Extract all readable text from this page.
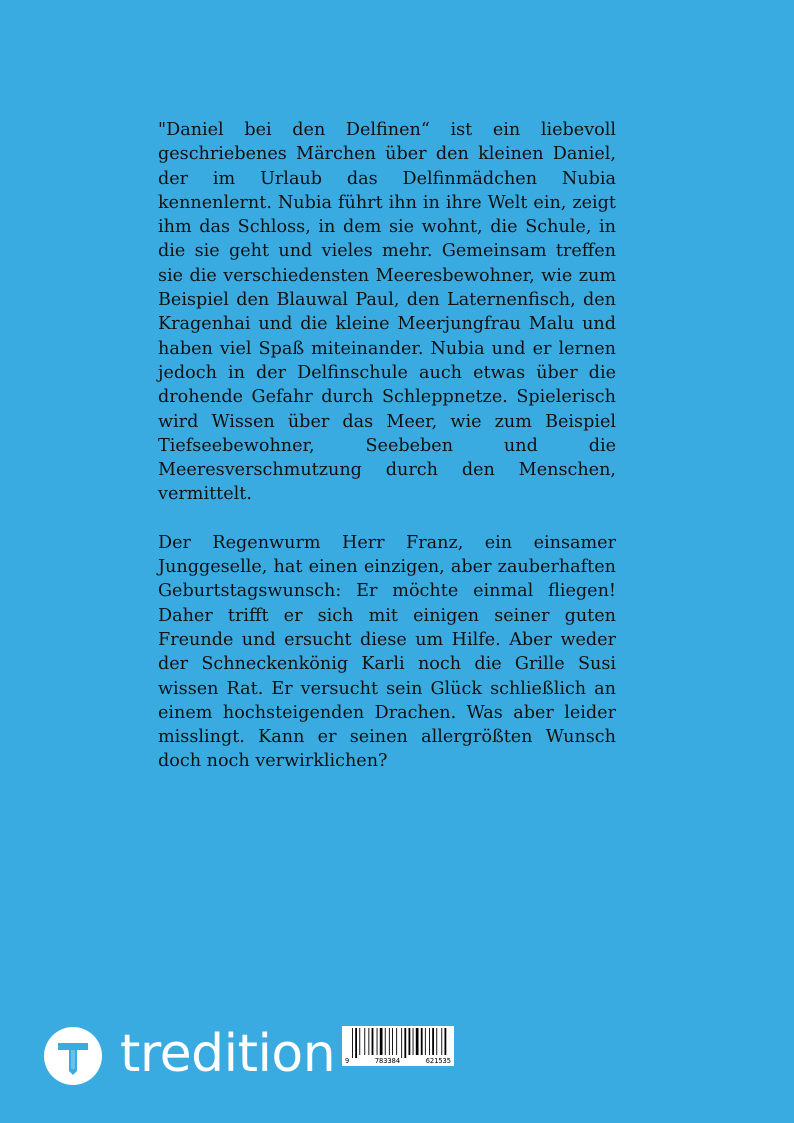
"Daniel bei den Delfinen“ ist ein liebevoll geschriebenes Märchen über den kleinen Daniel, der im Urlaub das Delfinmädchen Nubia kennenlernt. Nubia führt ihn in ihre Welt ein, zeigt ihm das Schloss, in dem sie wohnt, die Schule, in die sie geht und vieles mehr. Gemeinsam treffen sie die verschiedensten Meeresbewohner, wie zum Beispiel den Blauwal Paul, den Laternenfisch, den Kragenhai und die kleine Meerjungfrau Malu und haben viel Spaß miteinander. Nubia und er lernen jedoch in der Delfinschule auch etwas über die drohende Gefahr durch Schleppnetze. Spielerisch wird Wissen über das Meer, wie zum Beispiel Tiefseebewohner, Seebeben und die Meeresverschmutzung durch den Menschen, vermittelt.

Der Regenwurm Herr Franz, ein einsamer Junggeselle, hat einen einzigen, aber zauberhaften Geburtstagswunsch: Er möchte einmal fliegen! Daher trifft er sich mit einigen seiner guten Freunde und ersucht diese um Hilfe. Aber weder der Schneckenkönig Karli noch die Grille Susi wissen Rat. Er versucht sein Glück schließlich an einem hochsteigenden Drachen. Was aber leider misslingt. Kann er seinen allergrößten Wunsch doch noch verwirklichen?

tredition 9	783384	621535
